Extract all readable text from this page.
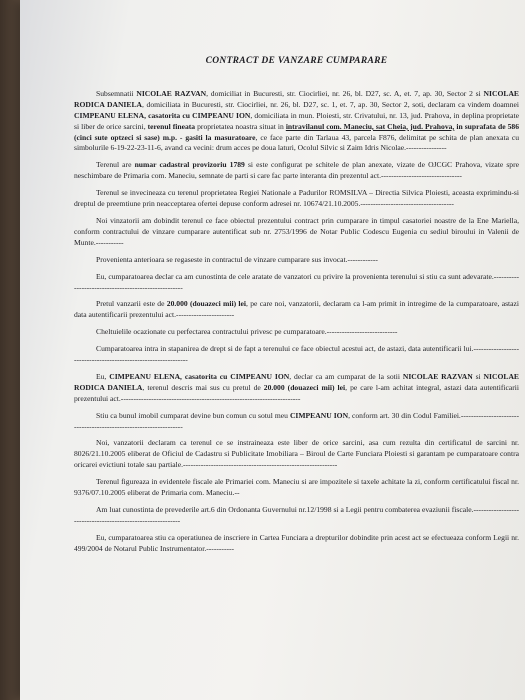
CONTRACT DE VANZARE CUMPARARE

Subsemnatii NICOLAE RAZVAN, domiciliat in Bucuresti, str. Ciocirliei, nr. 26, bl. D27, sc. A, et. 7, ap. 30, Sector 2 si NICOLAE RODICA DANIELA, domiciliata in Bucuresti, str. Ciocirliei, nr. 26, bl. D27, sc. 1, et. 7, ap. 30, Sector 2, soti, declaram ca vindem doamnei CIMPEANU ELENA, casatorita cu CIMPEANU ION, domiciliata in mun. Ploiesti, str. Crivatului, nr. 13, jud. Prahova, in deplina proprietate si liber de orice sarcini, terenul fineata proprietatea noastra situat in intravilanul com. Maneciu, sat Cheia, jud. Prahova, in suprafata de 586 (cinci sute optzeci si sase) m.p. - gasiti la masuratoare, ce face parte din Tarlaua 43, parcela F876, delimitat pe schita de plan anexata cu simbolurile 6-19-22-23-11-6, avand ca vecini: drum acces pe doua laturi, Ocolul Silvic si Zaim Idris Nicolae.----------------

Terenul are numar cadastral provizoriu 1789 si este configurat pe schitele de plan anexate, vizate de OJCGC Prahova, vizate spre neschimbare de Primaria com. Maneciu, semnate de parti si care fac parte interanta din prezentul act.--------------------------------

Terenul se invecineaza cu terenul proprietatea Regiei Nationale a Padurilor ROMSILVA – Directia Silvica Ploiesti, aceasta exprimindu-si dreptul de preemtiune prin neacceptarea ofertei depuse conform adresei nr. 10674/21.10.2005.-------------------------------------

Noi vinzatorii am dobindit terenul ce face obiectul prezentului contract prin cumparare in timpul casatoriei noastre de la Ene Mariella, conform contractului de vinzare cumparare autentificat sub nr. 2753/1996 de Notar Public Codescu Eugenia cu sediul biroului in Valenii de Munte.-----------

Provenienta anterioara se regaseste in contractul de vinzare cumparare sus invocat.------------

Eu, cumparatoarea declar ca am cunostinta de cele aratate de vanzatori cu privire la provenienta terenului si stiu ca sunt adevarate.-----------------------------------------------------

Pretul vanzarii este de 20.000 (douazeci mii) lei, pe care noi, vanzatorii, declaram ca l-am primit in intregime de la cumparatoare, astazi data autentificarii prezentului act.-----------------------

Cheltuielile ocazionate cu perfectarea contractului privesc pe cumparatoare.----------------------------

Cumparatoarea intra in stapanirea de drept si de fapt a terenului ce face obiectul acestui act, de astazi, data autentificarii lui.---------------------------------------------------------------

Eu, CIMPEANU ELENA, casatorita cu CIMPEANU ION, declar ca am cumparat de la sotii NICOLAE RAZVAN si NICOLAE RODICA DANIELA, terenul descris mai sus cu pretul de 20.000 (douazeci mii) lei, pe care l-am achitat integral, astazi data autentificarii prezentului act.-----------------------------------------------------------------------

Stiu ca bunul imobil cumparat devine bun comun cu sotul meu CIMPEANU ION, conform art. 30 din Codul Familiei.------------------------------------------------------------------

Noi, vanzatorii declaram ca terenul ce se instraineaza este liber de orice sarcini, asa cum rezulta din certificatul de sarcini nr. 8026/21.10.2005 eliberat de Oficiul de Cadastru si Publicitate Imobiliara – Biroul de Carte Funciara Ploiesti si garantam pe cumparatoare contra oricarei evictiuni totale sau partiale.-------------------------------------------------------------

Terenul figureaza in evidentele fiscale ale Primariei com. Maneciu si are impozitele si taxele achitate la zi, conform certificatului fiscal nr. 9376/07.10.2005 eliberat de Primaria com. Maneciu.--

Am luat cunostinta de prevederile art.6 din Ordonanta Guvernului nr.12/1998 si a Legii pentru combaterea evaziunii fiscale.------------------------------------------------------------

Eu, cumparatoarea stiu ca operatiunea de inscriere in Cartea Funciara a drepturilor dobindite prin acest act se efectueaza conform Legii nr. 499/2004 de Notarul Public Instrumentator.-----------
